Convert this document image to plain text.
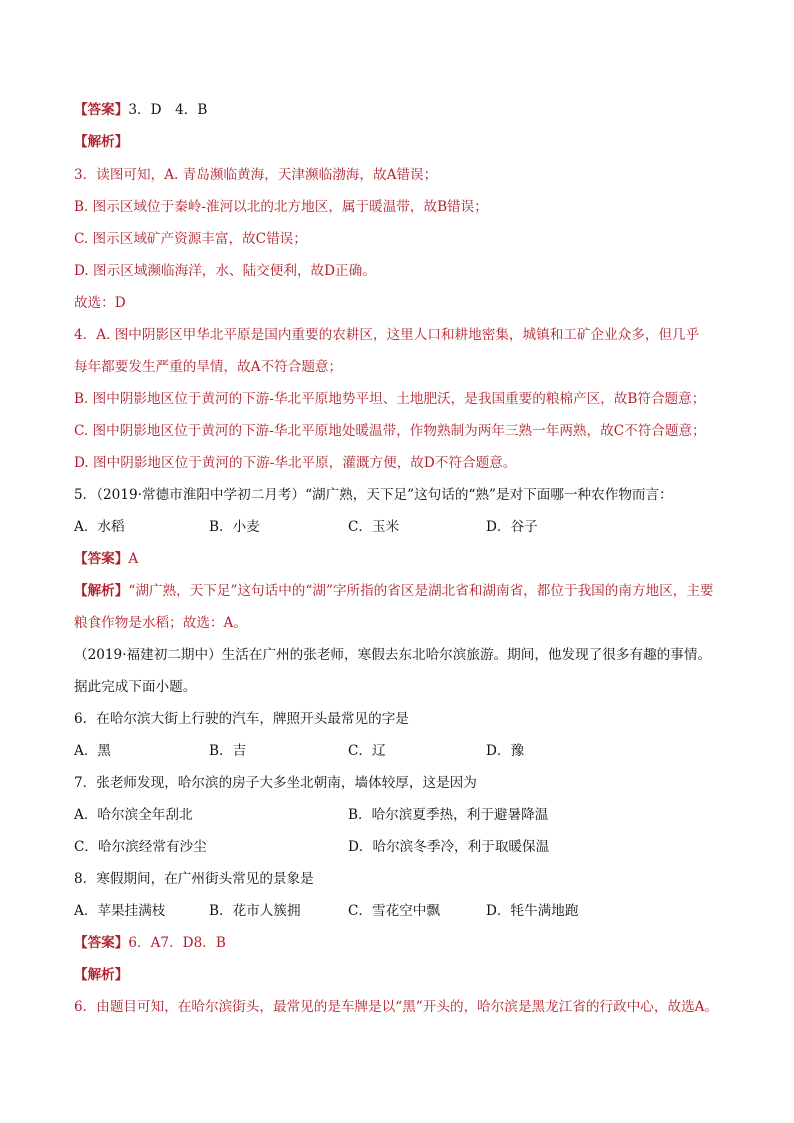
【答案】3．D　4．B
【解析】
3．读图可知，A. 青岛濒临黄海，天津濒临渤海，故A错误；
B. 图示区域位于秦岭-淮河以北的北方地区，属于暖温带，故B错误；
C. 图示区域矿产资源丰富，故C错误；
D. 图示区域濒临海洋，水、陆交便利，故D正确。
故选：D
4．A. 图中阴影区甲华北平原是国内重要的农耕区，这里人口和耕地密集，城镇和工矿企业众多，但几乎
每年都要发生严重的旱情，故A不符合题意；
B. 图中阴影地区位于黄河的下游-华北平原地势平坦、土地肥沃，是我国重要的粮棉产区，故B符合题意；
C. 图中阴影地区位于黄河的下游-华北平原地处暖温带，作物熟制为两年三熟一年两熟，故C不符合题意；
D. 图中阴影地区位于黄河的下游-华北平原，灌溉方便，故D不符合题意。
5．（2019·常德市淮阳中学初二月考）“湖广熟，天下足”这句话的“熟”是对下面哪一种农作物而言：
A．水稻	B．小麦	C．玉米	D．谷子
【答案】A
【解析】“湖广熟，天下足”这句话中的“湖”字所指的省区是湖北省和湖南省，都位于我国的南方地区，主要
粮食作物是水稻；故选：A。
（2019·福建初二期中）生活在广州的张老师，寒假去东北哈尔滨旅游。期间，他发现了很多有趣的事情。
据此完成下面小题。
6．在哈尔滨大街上行驶的汽车，牌照开头最常见的字是
A．黑	B．吉	C．辽	D．豫
7．张老师发现，哈尔滨的房子大多坐北朝南，墙体较厚，这是因为
A．哈尔滨全年刮北	B．哈尔滨夏季热，利于避暑降温
C．哈尔滨经常有沙尘	D．哈尔滨冬季冷，利于取暖保温
8．寒假期间，在广州街头常见的景象是
A．苹果挂满枝	B．花市人簇拥	C．雪花空中飘	D．牦牛满地跑
【答案】6．A7．D8．B
【解析】
6．由题目可知，在哈尔滨街头，最常见的是车牌是以“黑”开头的，哈尔滨是黑龙江省的行政中心，故选A。
